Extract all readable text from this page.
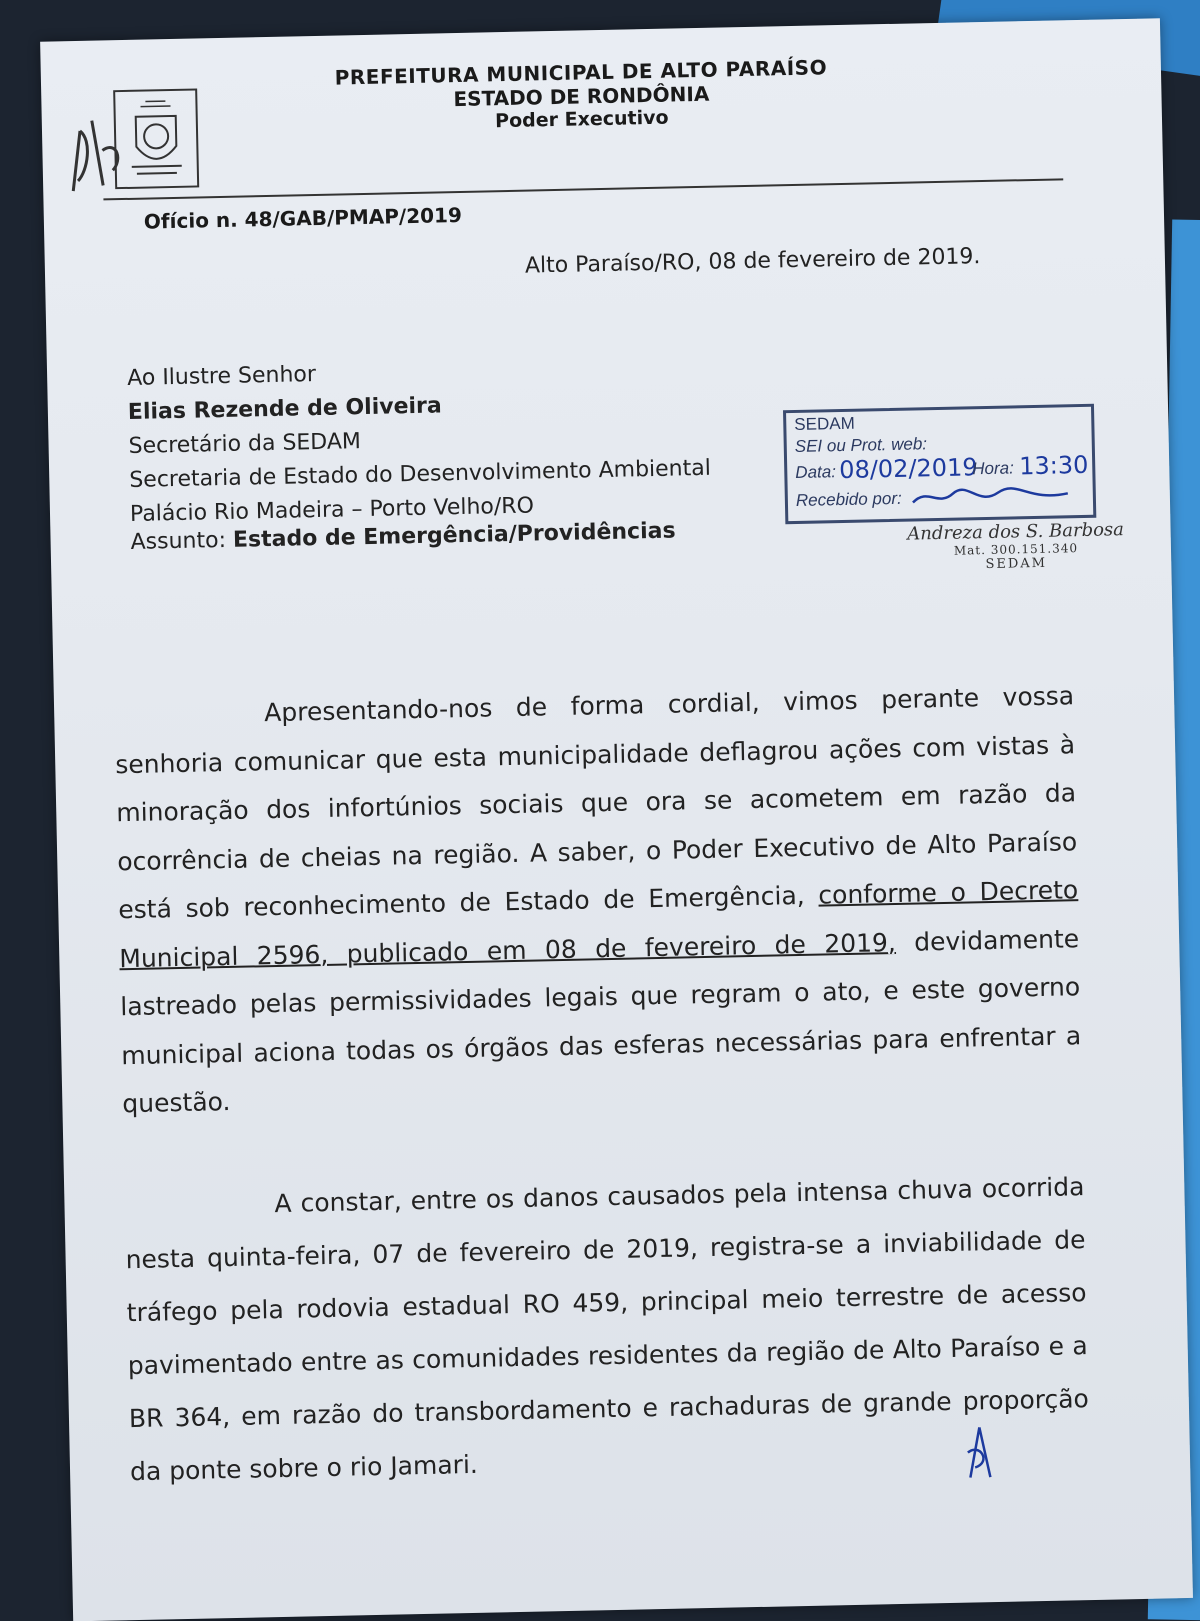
PREFEITURA MUNICIPAL DE ALTO PARAÍSO
ESTADO DE RONDÔNIA
Poder Executivo
Ofício n. 48/GAB/PMAP/2019
Alto Paraíso/RO, 08 de fevereiro de 2019.
Ao Ilustre Senhor
Elias Rezende de Oliveira
Secretário da SEDAM
Secretaria de Estado do Desenvolvimento Ambiental
Palácio Rio Madeira – Porto Velho/RO
SEDAM
SEI ou Prot. web:
Data: 08/02/2019
Hora: 13:30
Recebido por:
Assunto: Estado de Emergência/Providências	Andreza dos S. Barbosa
Mat. 300.151.340
SEDAM
Apresentando-nos de forma cordial, vimos perante vossa senhoria comunicar que esta municipalidade deflagrou ações com vistas à minoração dos infortúnios sociais que ora se acometem em razão da ocorrência de cheias na região. A saber, o Poder Executivo de Alto Paraíso está sob reconhecimento de Estado de Emergência, conforme o Decreto Municipal 2596, publicado em 08 de fevereiro de 2019, devidamente lastreado pelas permissividades legais que regram o ato, e este governo municipal aciona todas os órgãos das esferas necessárias para enfrentar a questão.
A constar, entre os danos causados pela intensa chuva ocorrida nesta quinta-feira, 07 de fevereiro de 2019, registra-se a inviabilidade de tráfego pela rodovia estadual RO 459, principal meio terrestre de acesso pavimentado entre as comunidades residentes da região de Alto Paraíso e a BR 364, em razão do transbordamento e rachaduras de grande proporção da ponte sobre o rio Jamari.
